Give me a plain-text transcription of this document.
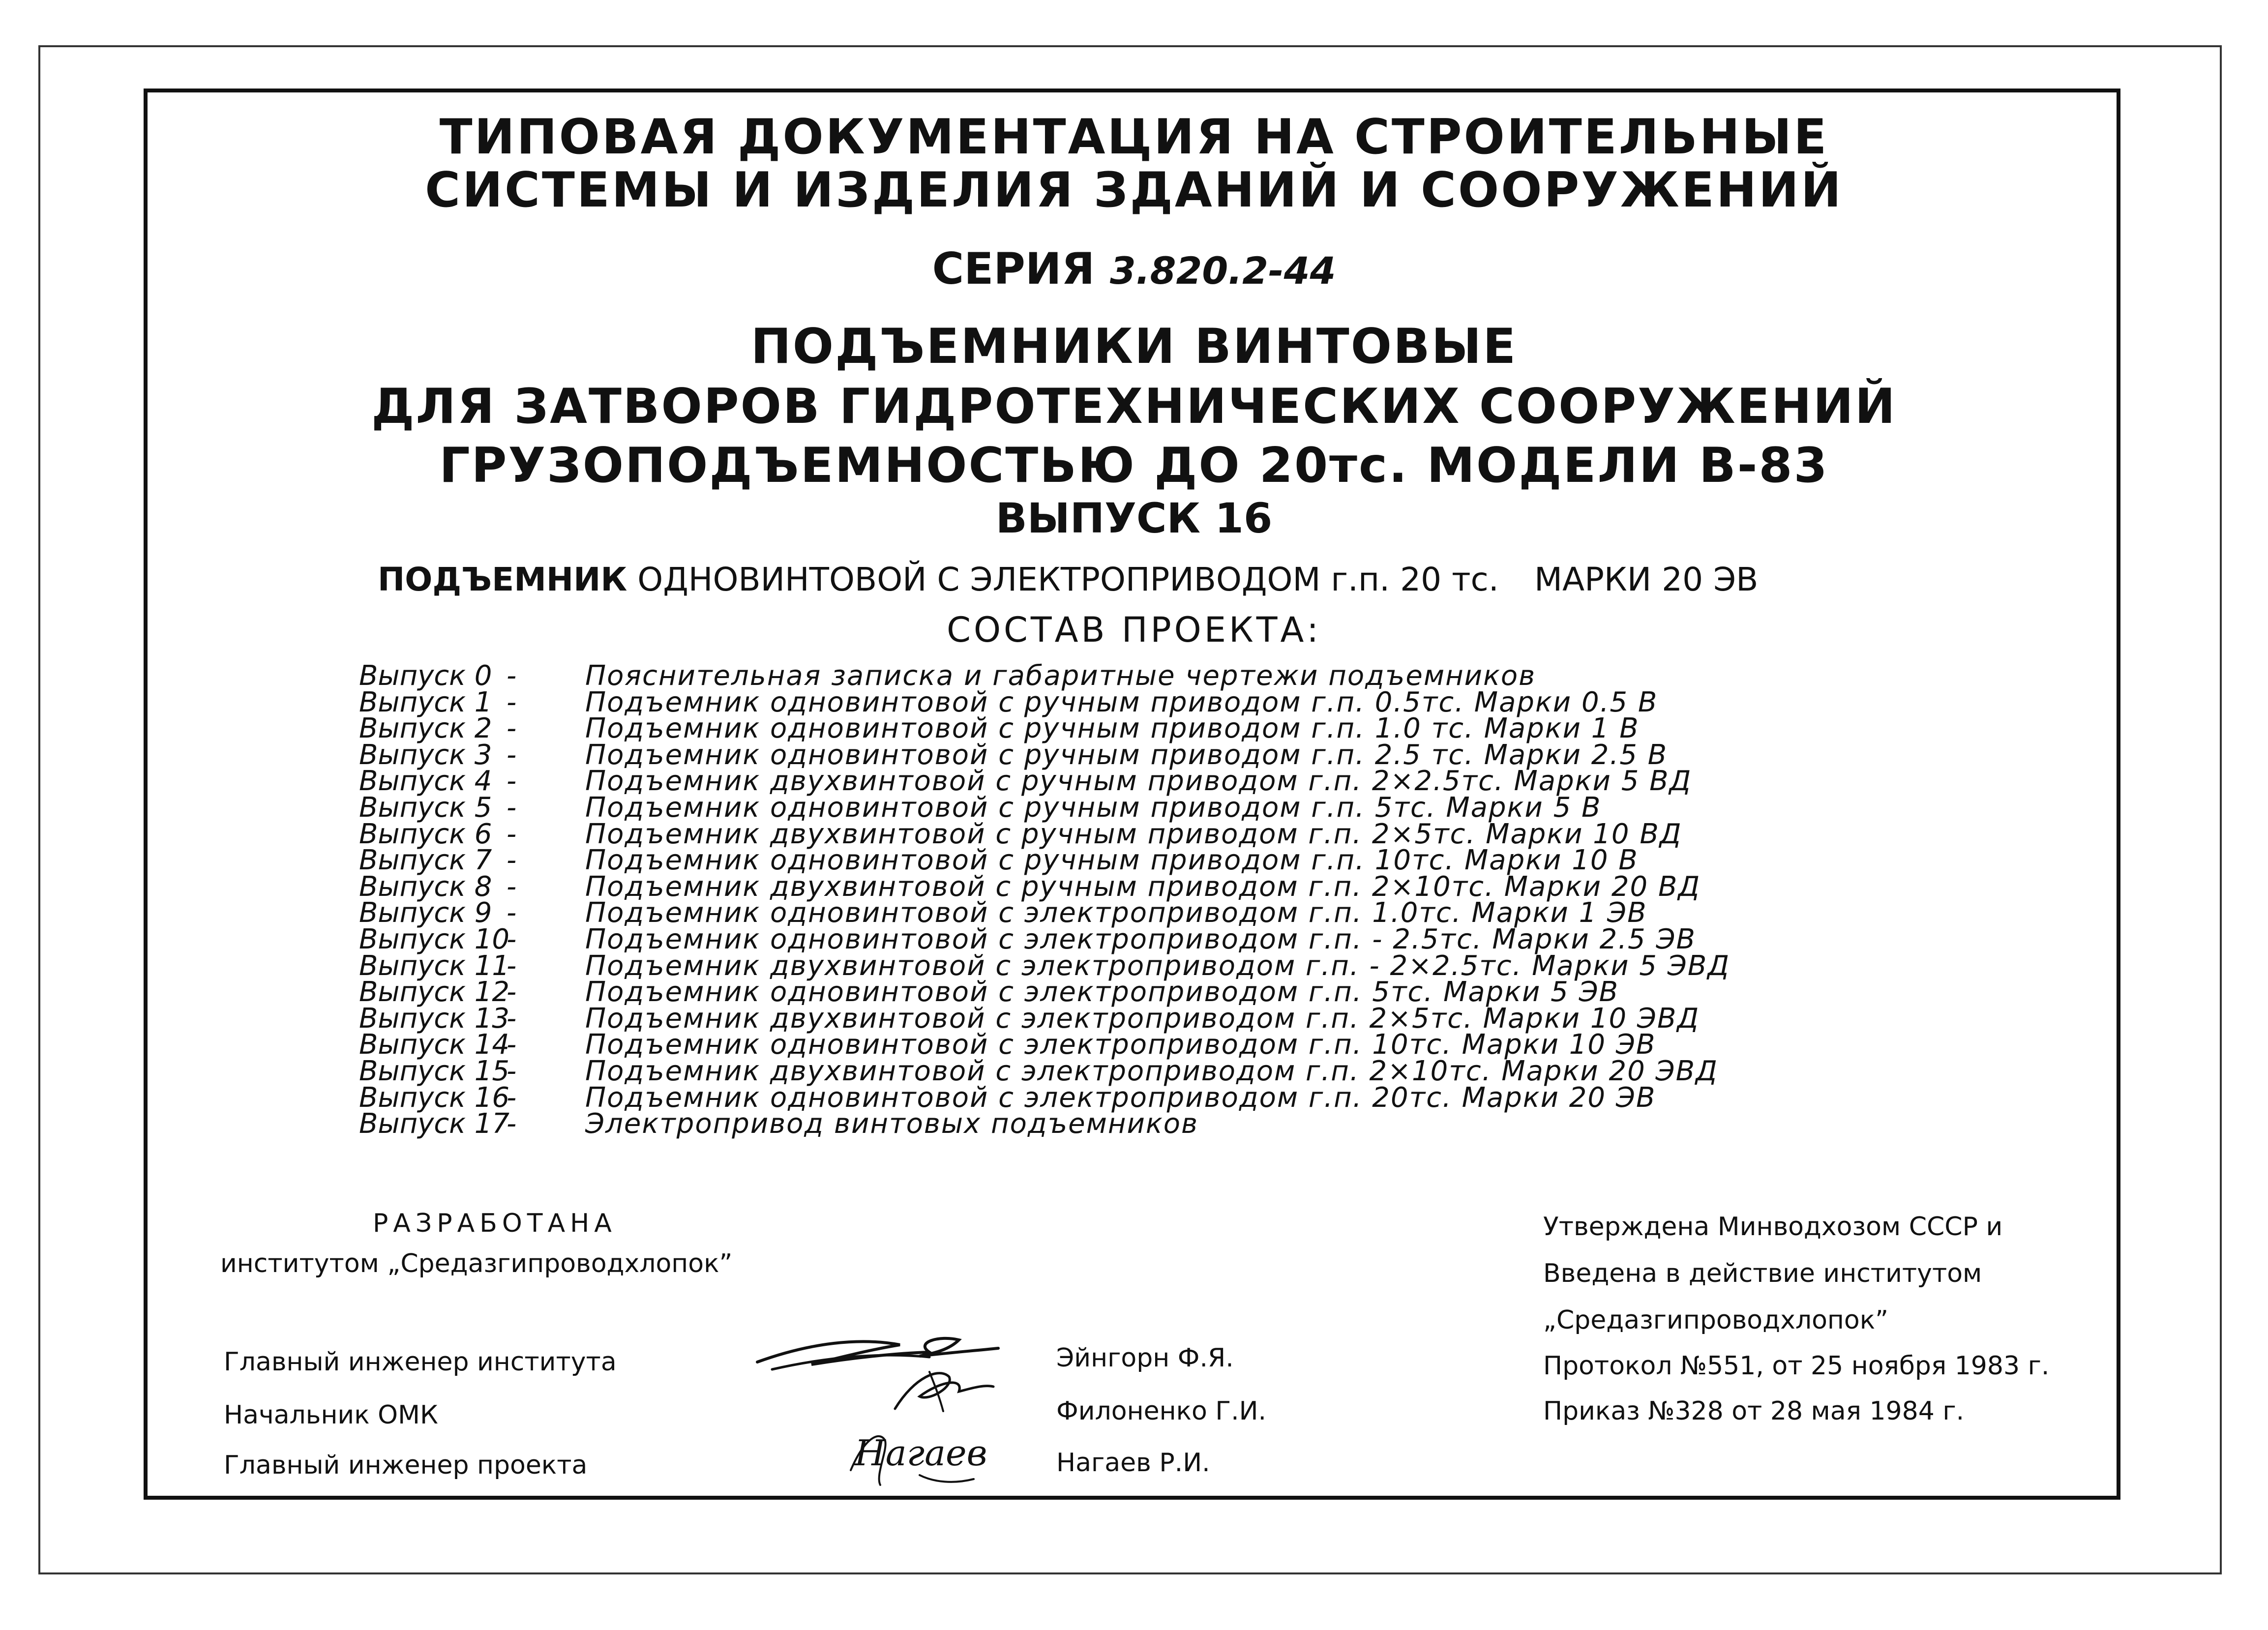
ТИПОВАЯ ДОКУМЕНТАЦИЯ НА СТРОИТЕЛЬНЫЕ
СИСТЕМЫ И ИЗДЕЛИЯ ЗДАНИЙ И СООРУЖЕНИЙ
СЕРИЯ 3.820.2-44
ПОДЪЕМНИКИ ВИНТОВЫЕ
ДЛЯ ЗАТВОРОВ ГИДРОТЕХНИЧЕСКИХ СООРУЖЕНИЙ
ГРУЗОПОДЪЕМНОСТЬЮ ДО 20тс. МОДЕЛИ В-83
ВЫПУСК 16
ПОДЪЕМНИК ОДНОВИНТОВОЙ С ЭЛЕКТРОПРИВОДОМ г.п. 20 тс. МАРКИ 20 ЭВ
СОСТАВ ПРОЕКТА:
Выпуск 0 - Пояснительная записка и габаритные чертежи подъемников
Выпуск 1 - Подъемник одновинтовой с ручным приводом г.п. 0.5тс. Марки 0.5 В
Выпуск 2 - Подъемник одновинтовой с ручным приводом г.п. 1.0 тс. Марки 1 В
Выпуск 3 - Подъемник одновинтовой с ручным приводом г.п. 2.5 тс. Марки 2.5 В
Выпуск 4 - Подъемник двухвинтовой с ручным приводом г.п. 2×2.5тс. Марки 5 ВД
Выпуск 5 - Подъемник одновинтовой с ручным приводом г.п. 5тс. Марки 5 В
Выпуск 6 - Подъемник двухвинтовой с ручным приводом г.п. 2×5тс. Марки 10 ВД
Выпуск 7 - Подъемник одновинтовой с ручным приводом г.п. 10тс. Марки 10 В
Выпуск 8 - Подъемник двухвинтовой с ручным приводом г.п. 2×10тс. Марки 20 ВД
Выпуск 9 - Подъемник одновинтовой с электроприводом г.п. 1.0тс. Марки 1 ЭВ
Выпуск 10
- Подъемник одновинтовой с электроприводом г.п. - 2.5тс. Марки 2.5 ЭВ
Выпуск 11
- Подъемник двухвинтовой с электроприводом г.п. - 2×2.5тс. Марки 5 ЭВД
Выпуск 12
- Подъемник одновинтовой с электроприводом г.п. 5тс. Марки 5 ЭВ
Выпуск 13
- Подъемник двухвинтовой с электроприводом г.п. 2×5тс. Марки 10 ЭВД
Выпуск 14
- Подъемник одновинтовой с электроприводом г.п. 10тс. Марки 10 ЭВ
Выпуск 15
- Подъемник двухвинтовой с электроприводом г.п. 2×10тс. Марки 20 ЭВД
Выпуск 16
- Подъемник одновинтовой с электроприводом г.п. 20тс. Марки 20 ЭВ
Выпуск 17
- Электропривод винтовых подъемников
РАЗРАБОТАНА
институтом „Средазгипроводхлопок”
Утверждена Минводхозом СССР и
Введена в действие институтом
„Средазгипроводхлопок”
Протокол №551, от 25 ноября 1983 г.
Приказ №328 от 28 мая 1984 г.
Главный инженер института
Начальник ОМК
Главный инженер проекта
Эйнгорн Ф.Я.
Филоненко Г.И.
Нагаев Р.И.
Нагаев
